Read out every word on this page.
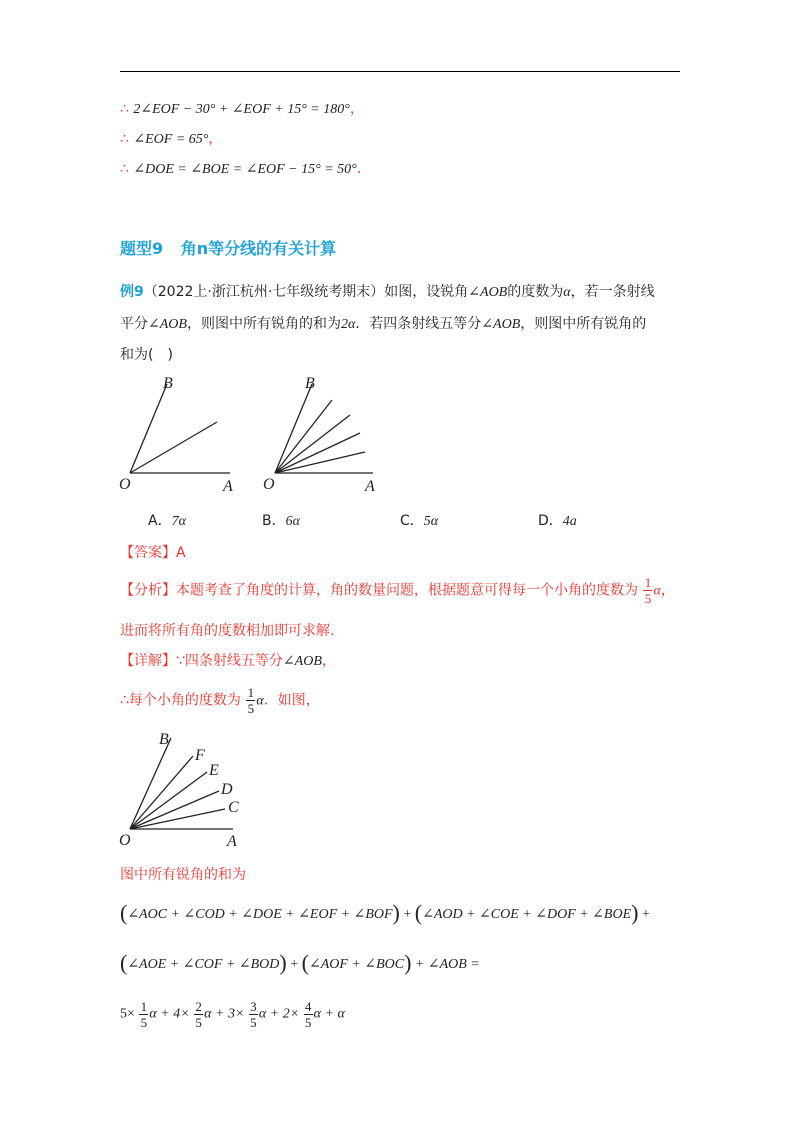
∴ 2∠EOF − 30° + ∠EOF + 15° = 180°，
∴ ∠EOF = 65°，
∴ ∠DOE = ∠BOE = ∠EOF − 15° = 50°．
题型9 角n等分线的有关计算
例9（2022上·浙江杭州·七年级统考期末）如图，设锐角∠AOB的度数为α，若一条射线
平分∠AOB，则图中所有锐角的和为2α．若四条射线五等分∠AOB，则图中所有锐角的
和为(　)
B
O	A
B
O	A
A．7α	B．6α	C．5α	D．4a
【答案】A
【分析】本题考查了角度的计算，角的数量问题，根据题意可得每一个小角的度数为 $\frac{1}{5}$ α，
进而将所有角的度数相加即可求解.
【详解】∵四条射线五等分∠AOB，
∴每个小角的度数为 $\frac{1}{5}$ α．如图，
B
F
E
D
C
O	A
图中所有锐角的和为
(∠AOC + ∠COD + ∠DOE + ∠EOF + ∠BOF) + (∠AOD + ∠COE + ∠DOF + ∠BOE) +
(∠AOE + ∠COF + ∠BOD) + (∠AOF + ∠BOC) + ∠AOB =
$5\times \frac{1}{5}$ $\alpha + 4\times \frac{2}{5}$ $\alpha + 3\times \frac{3}{5}$ $\alpha + 2\times \frac{4}{5}$ α + α
